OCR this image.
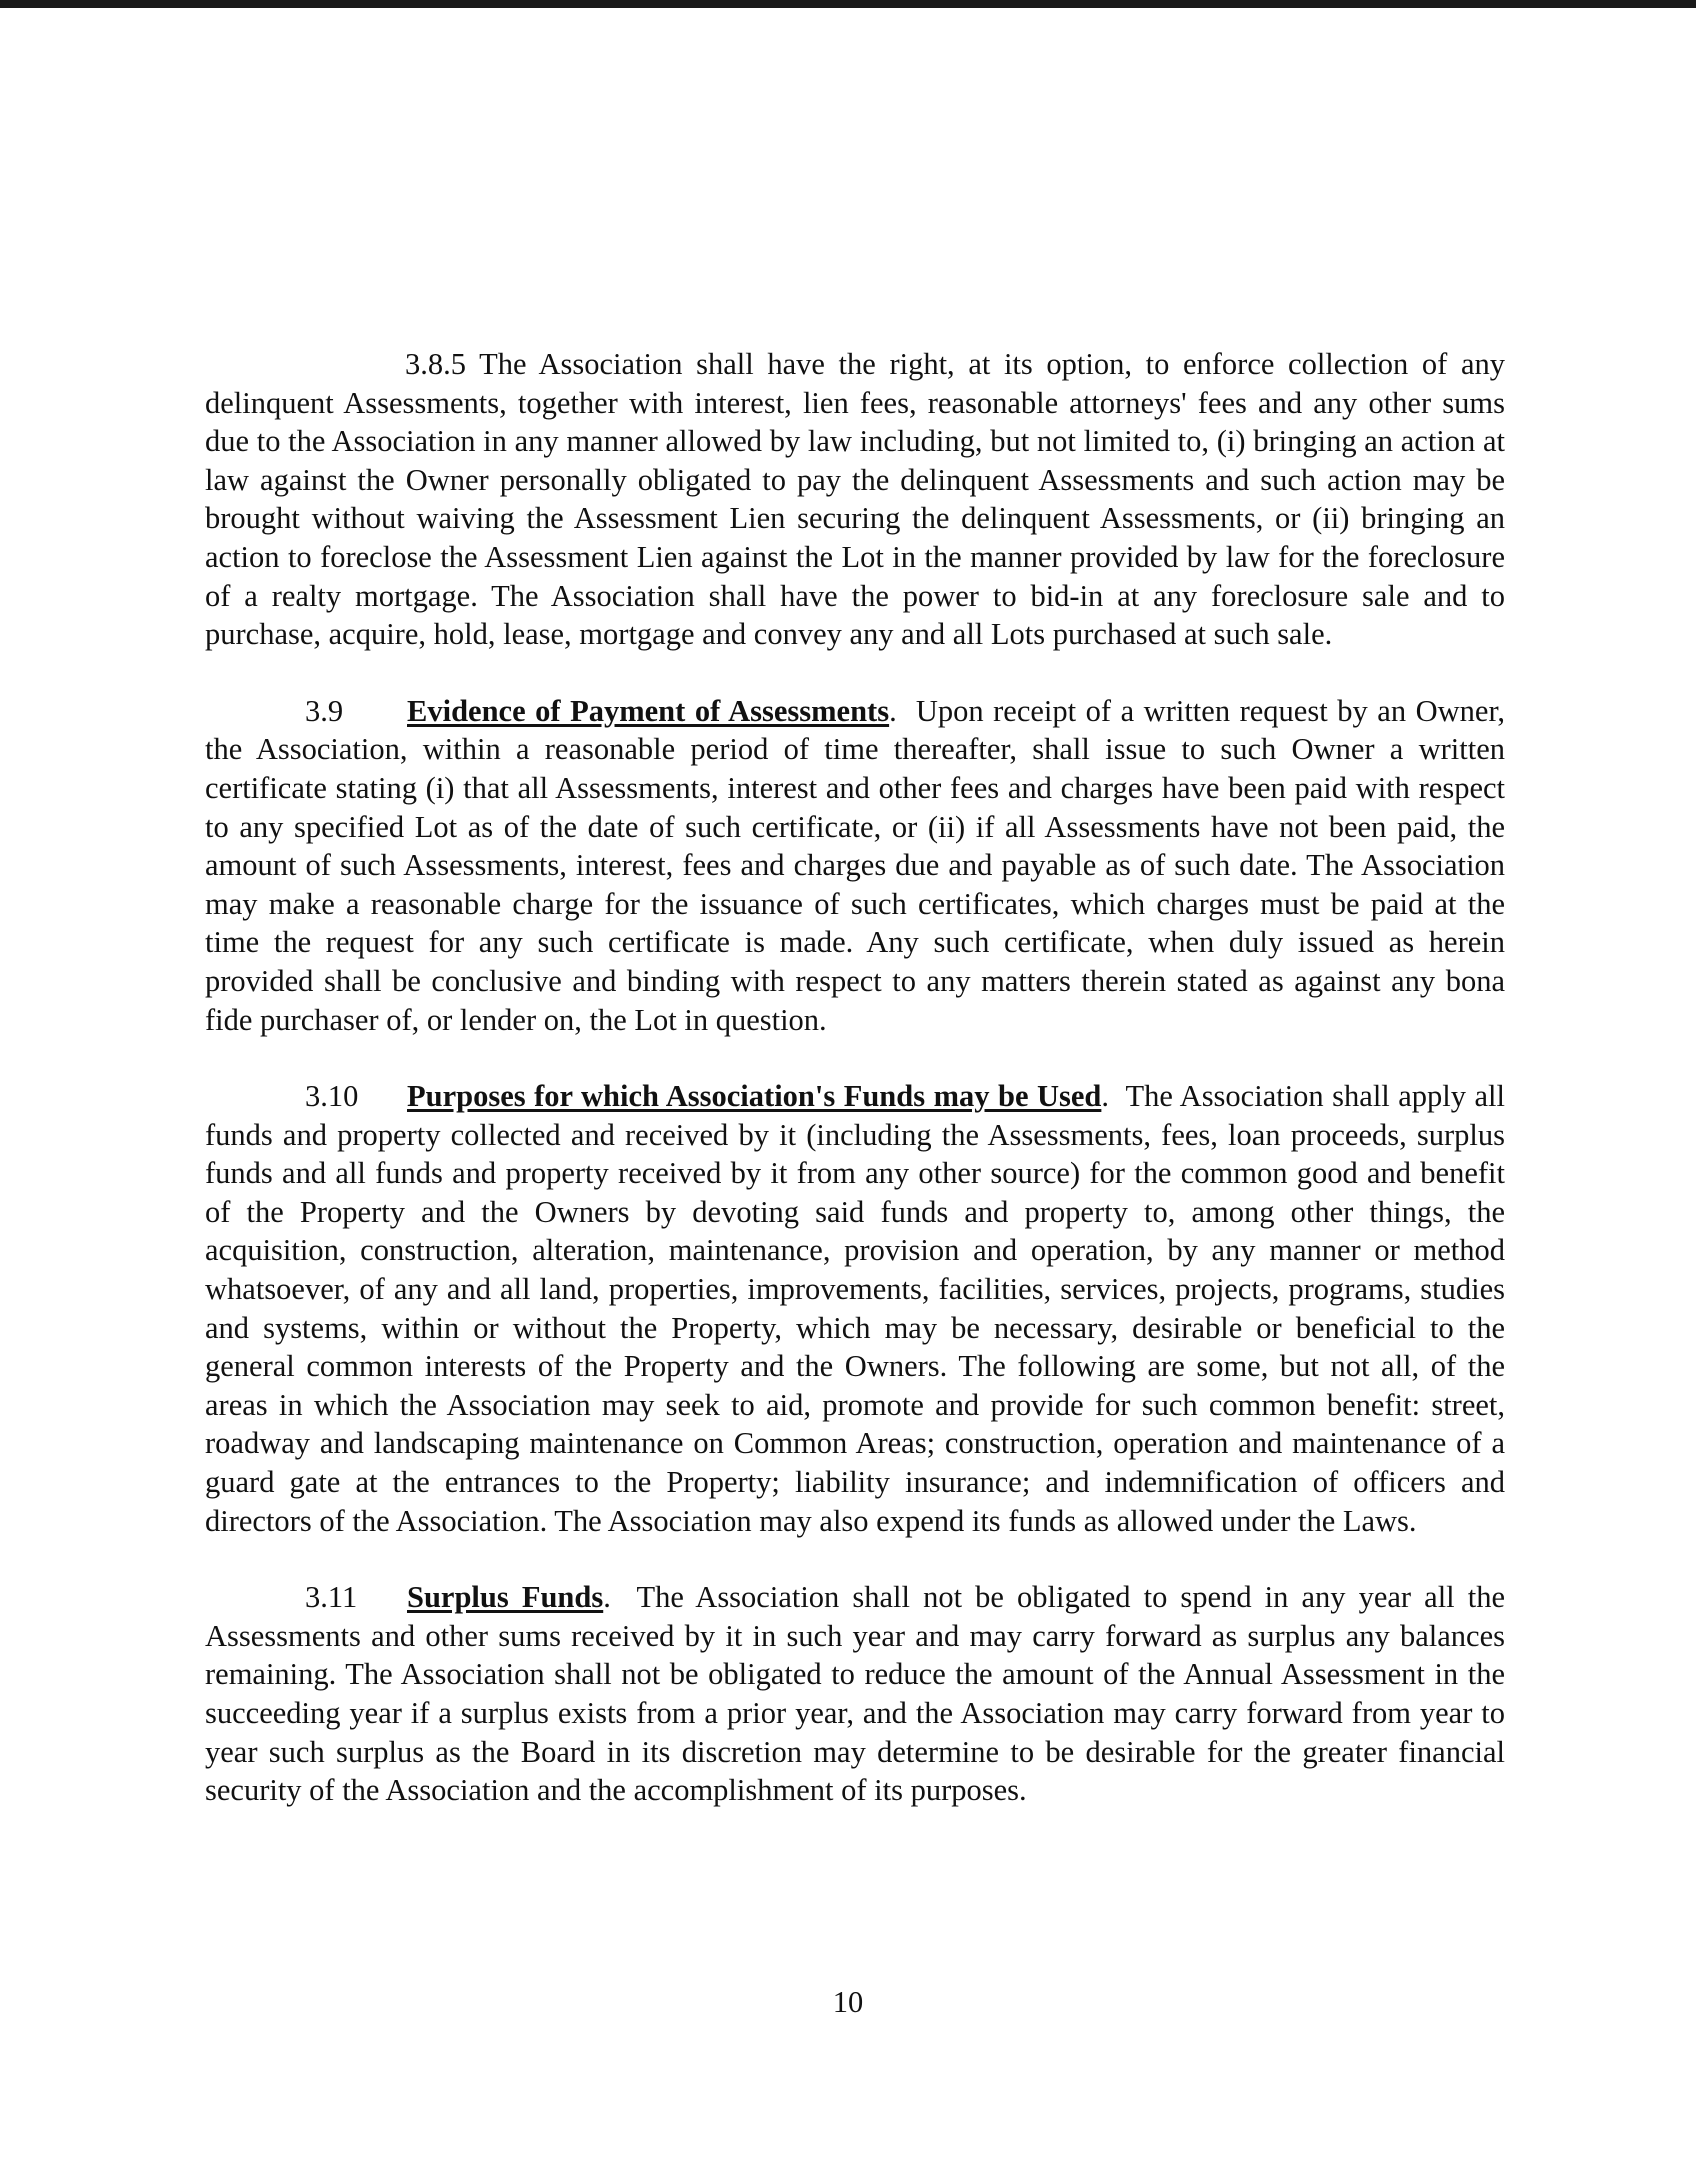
3.8.5 The Association shall have the right, at its option, to enforce collection of any delinquent Assessments, together with interest, lien fees, reasonable attorneys' fees and any other sums due to the Association in any manner allowed by law including, but not limited to, (i) bringing an action at law against the Owner personally obligated to pay the delinquent Assessments and such action may be brought without waiving the Assessment Lien securing the delinquent Assessments, or (ii) bringing an action to foreclose the Assessment Lien against the Lot in the manner provided by law for the foreclosure of a realty mortgage. The Association shall have the power to bid-in at any foreclosure sale and to purchase, acquire, hold, lease, mortgage and convey any and all Lots purchased at such sale.

3.9 Evidence of Payment of Assessments.  Upon receipt of a written request by an Owner, the Association, within a reasonable period of time thereafter, shall issue to such Owner a written certificate stating (i) that all Assessments, interest and other fees and charges have been paid with respect to any specified Lot as of the date of such certificate, or (ii) if all Assessments have not been paid, the amount of such Assessments, interest, fees and charges due and payable as of such date. The Association may make a reasonable charge for the issuance of such certificates, which charges must be paid at the time the request for any such certificate is made. Any such certificate, when duly issued as herein provided shall be conclusive and binding with respect to any matters therein stated as against any bona fide purchaser of, or lender on, the Lot in question.

3.10 Purposes for which Association's Funds may be Used.  The Association shall apply all funds and property collected and received by it (including the Assessments, fees, loan proceeds, surplus funds and all funds and property received by it from any other source) for the common good and benefit of the Property and the Owners by devoting said funds and property to, among other things, the acquisition, construction, alteration, maintenance, provision and operation, by any manner or method whatsoever, of any and all land, properties, improvements, facilities, services, projects, programs, studies and systems, within or without the Property, which may be necessary, desirable or beneficial to the general common interests of the Property and the Owners. The following are some, but not all, of the areas in which the Association may seek to aid, promote and provide for such common benefit: street, roadway and landscaping maintenance on Common Areas; construction, operation and maintenance of a guard gate at the entrances to the Property; liability insurance; and indemnification of officers and directors of the Association. The Association may also expend its funds as allowed under the Laws.

3.11 Surplus Funds.  The Association shall not be obligated to spend in any year all the Assessments and other sums received by it in such year and may carry forward as surplus any balances remaining. The Association shall not be obligated to reduce the amount of the Annual Assessment in the succeeding year if a surplus exists from a prior year, and the Association may carry forward from year to year such surplus as the Board in its discretion may determine to be desirable for the greater financial security of the Association and the accomplishment of its purposes.

10
